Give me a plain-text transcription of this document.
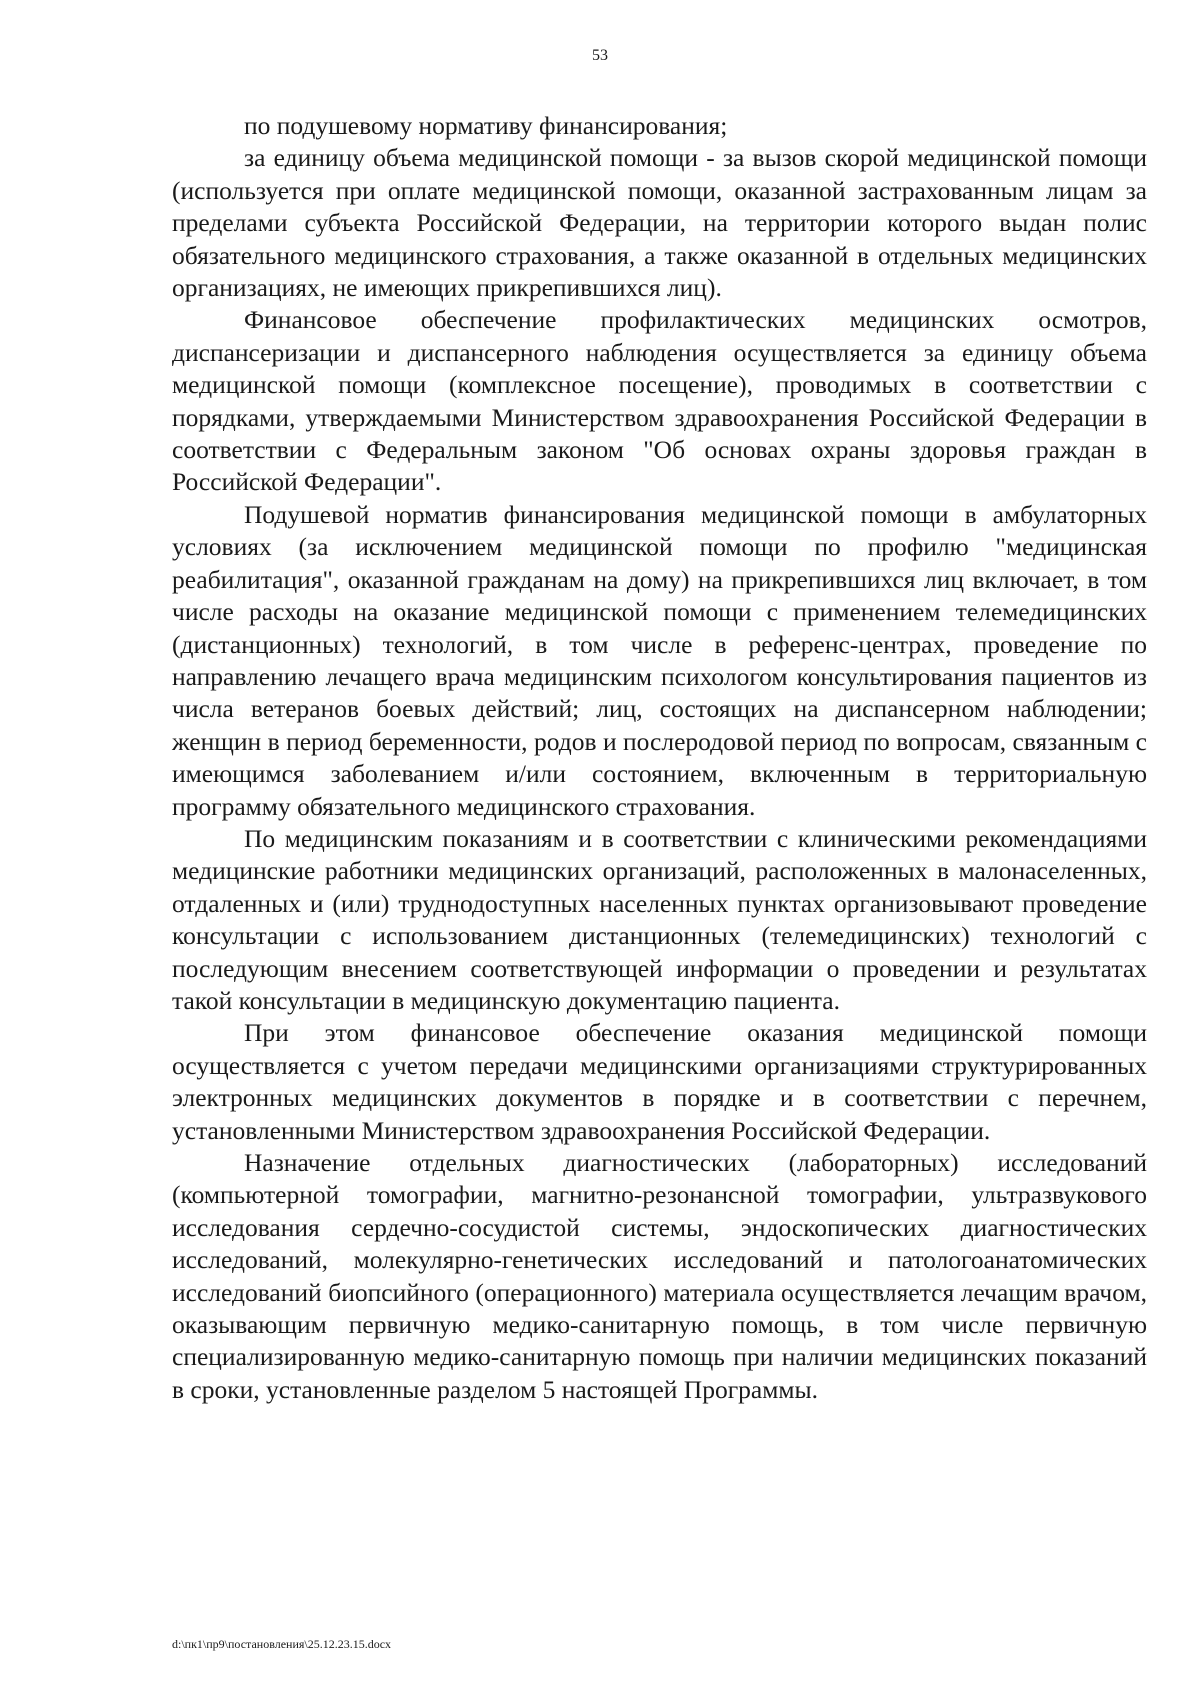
53

по подушевому нормативу финансирования;

за единицу объема медицинской помощи - за вызов скорой медицинской помощи (используется при оплате медицинской помощи, оказанной застрахованным лицам за пределами субъекта Российской Федерации, на территории которого выдан полис обязательного медицинского страхования, а также оказанной в отдельных медицинских организациях, не имеющих прикрепившихся лиц).

Финансовое обеспечение профилактических медицинских осмотров, диспансеризации и диспансерного наблюдения осуществляется за единицу объема медицинской помощи (комплексное посещение), проводимых в соответствии с порядками, утверждаемыми Министерством здравоохранения Российской Федерации в соответствии с Федеральным законом "Об основах охраны здоровья граждан в Российской Федерации".

Подушевой норматив финансирования медицинской помощи в амбулаторных условиях (за исключением медицинской помощи по профилю "медицинская реабилитация", оказанной гражданам на дому) на прикрепившихся лиц включает, в том числе расходы на оказание медицинской помощи с применением телемедицинских (дистанционных) технологий, в том числе в референс-центрах, проведение по направлению лечащего врача медицинским психологом консультирования пациентов из числа ветеранов боевых действий; лиц, состоящих на диспансерном наблюдении; женщин в период беременности, родов и послеродовой период по вопросам, связанным с имеющимся заболеванием и/или состоянием, включенным в территориальную программу обязательного медицинского страхования.

По медицинским показаниям и в соответствии с клиническими рекомендациями медицинские работники медицинских организаций, расположенных в малонаселенных, отдаленных и (или) труднодоступных населенных пунктах организовывают проведение консультации с использованием дистанционных (телемедицинских) технологий с последующим внесением соответствующей информации о проведении и результатах такой консультации в медицинскую документацию пациента.

При этом финансовое обеспечение оказания медицинской помощи осуществляется с учетом передачи медицинскими организациями структурированных электронных медицинских документов в порядке и в соответствии с перечнем, установленными Министерством здравоохранения Российской Федерации.

Назначение отдельных диагностических (лабораторных) исследований (компьютерной томографии, магнитно-резонансной томографии, ультразвукового исследования сердечно-сосудистой системы, эндоскопических диагностических исследований, молекулярно-генетических исследований и патологоанатомических исследований биопсийного (операционного) материала осуществляется лечащим врачом, оказывающим первичную медико-санитарную помощь, в том числе первичную специализированную медико-санитарную помощь при наличии медицинских показаний в сроки, установленные разделом 5 настоящей Программы.

d:\пк1\пр9\постановления\25.12.23.15.docx
